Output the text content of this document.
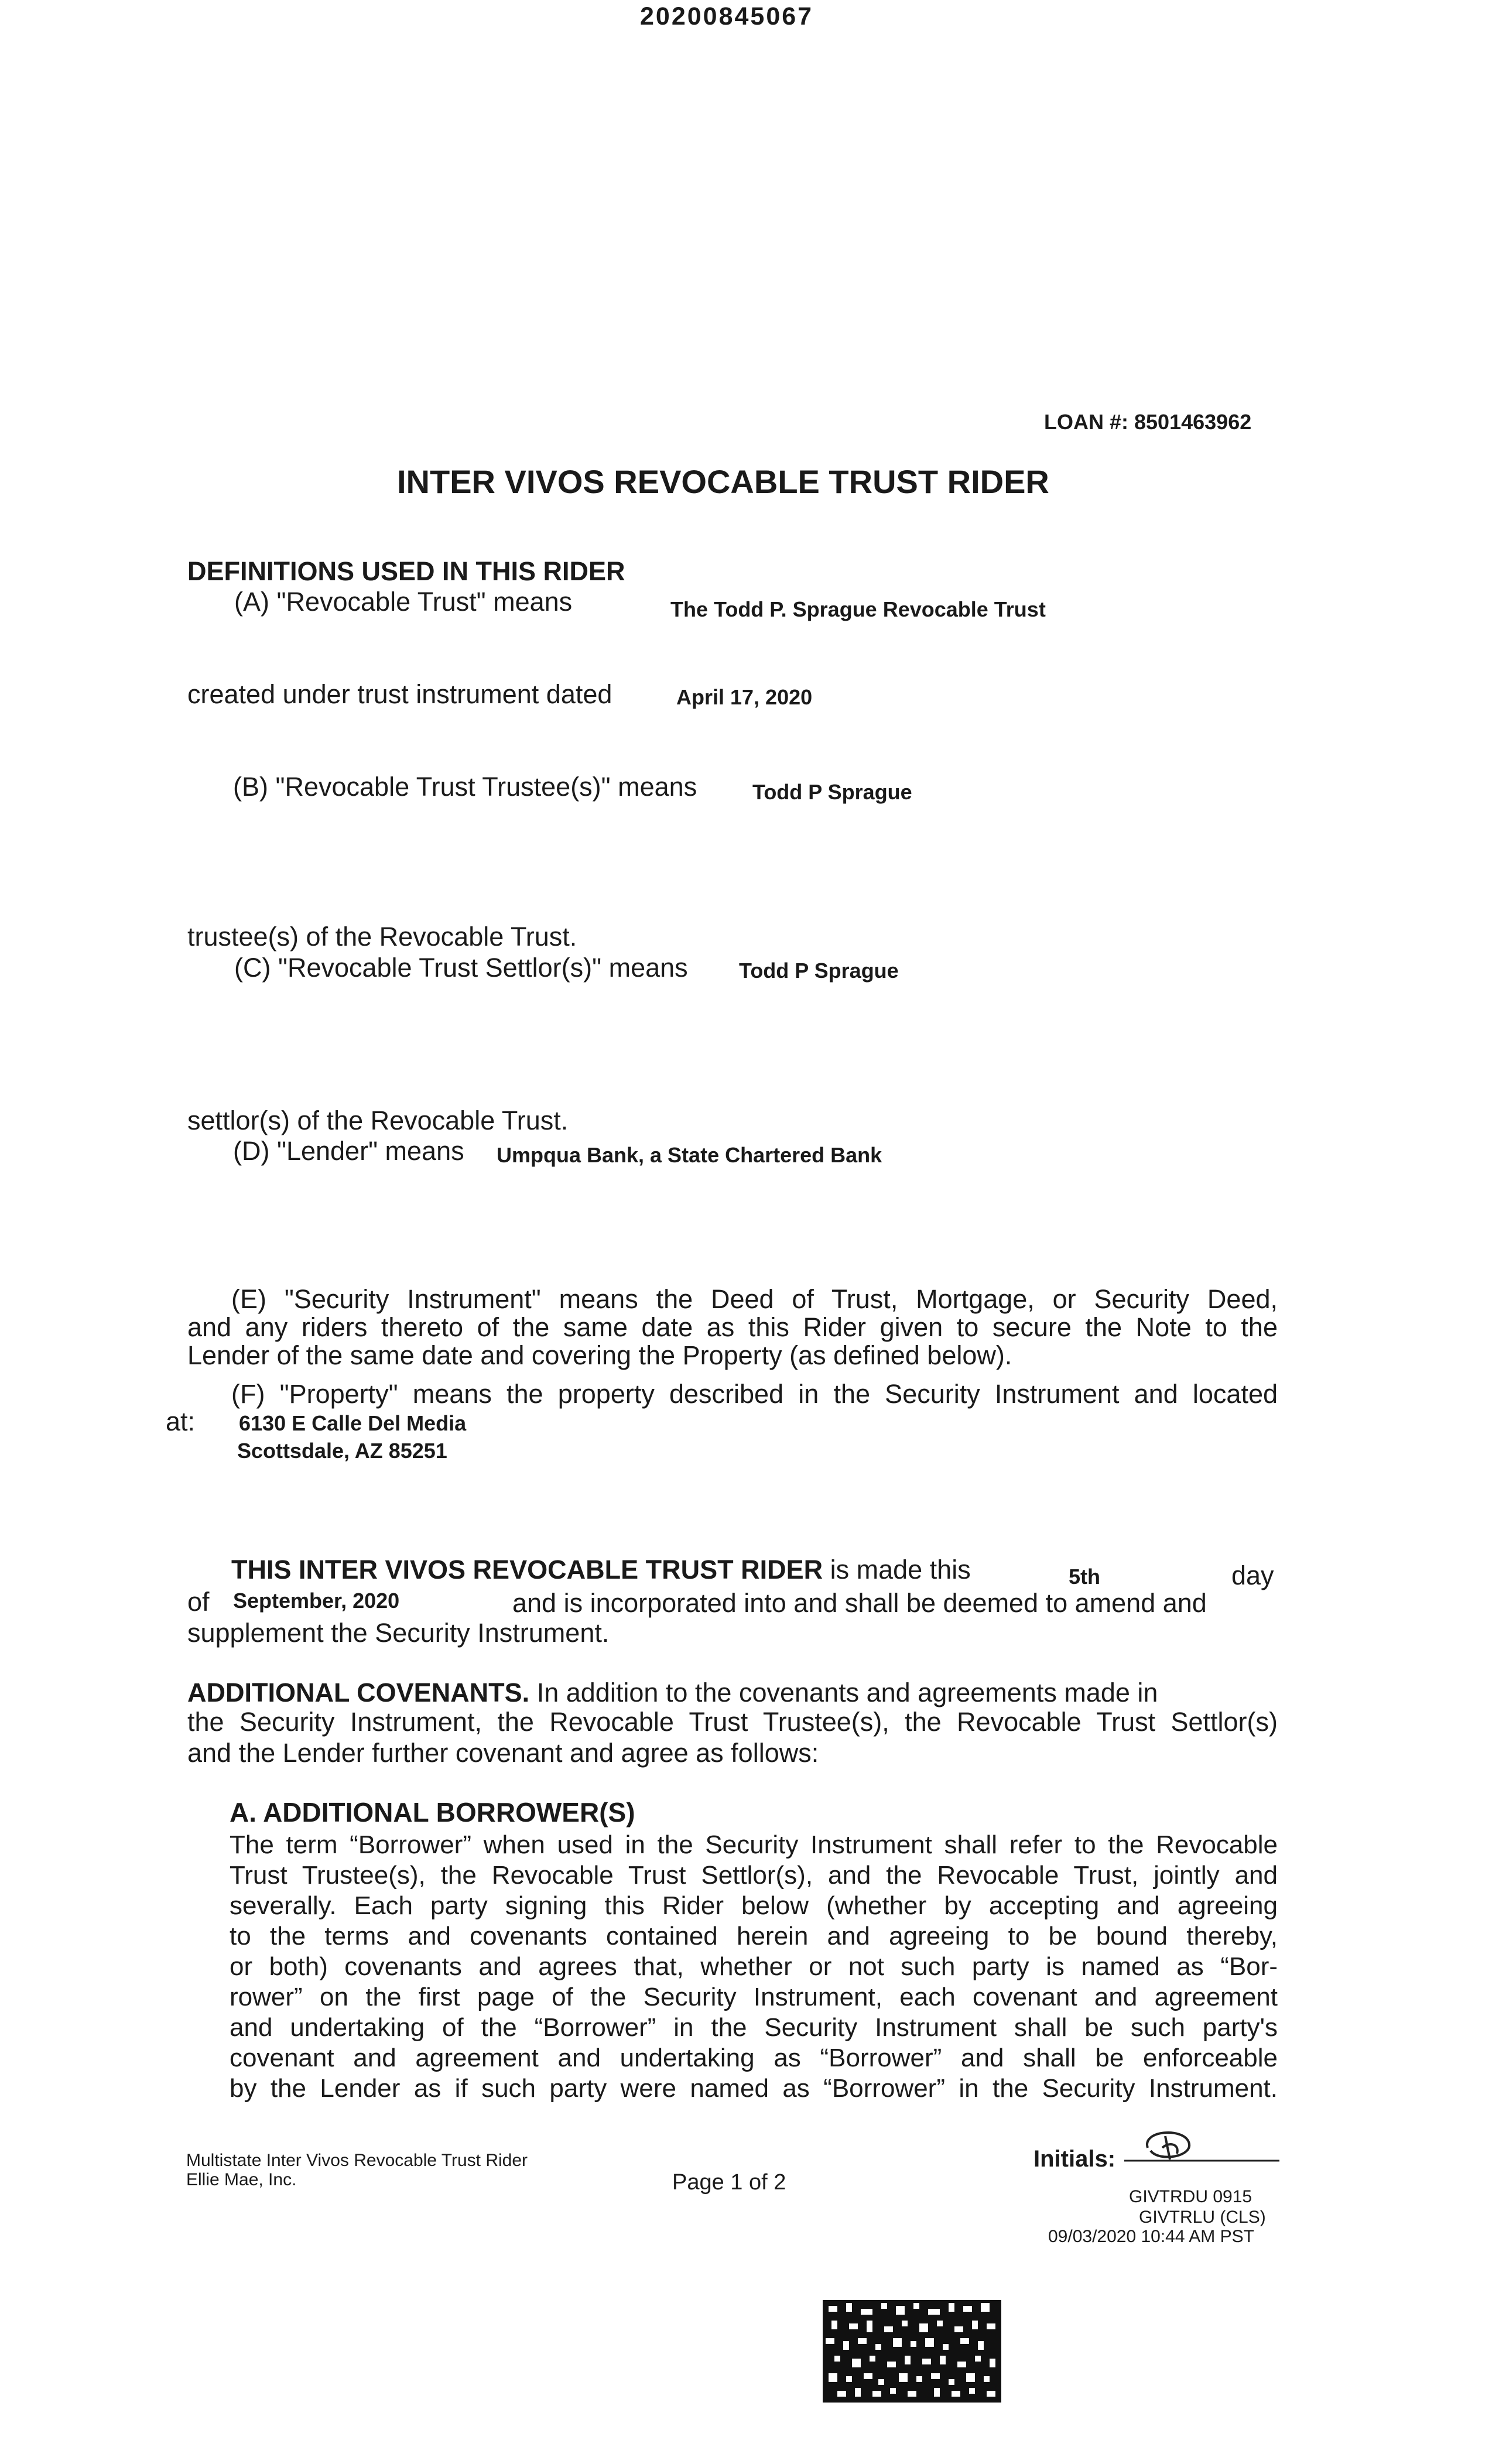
20200845067
LOAN #: 8501463962
INTER VIVOS REVOCABLE TRUST RIDER
DEFINITIONS USED IN THIS RIDER
(A) "Revocable Trust" means	The Todd P. Sprague Revocable Trust
created under trust instrument dated	April 17, 2020
(B) "Revocable Trust Trustee(s)" means	Todd P Sprague
trustee(s) of the Revocable Trust.
(C) "Revocable Trust Settlor(s)" means Todd P Sprague
settlor(s) of the Revocable Trust.
(D) "Lender" means Umpqua Bank, a State Chartered Bank
(E) "Security Instrument" means the Deed of Trust, Mortgage, or Security Deed,
and any riders thereto of the same date as this Rider given to secure the Note to the
Lender of the same date and covering the Property (as defined below).
(F) "Property" means the property described in the Security Instrument and located
at: 6130 E Calle Del Media
Scottsdale, AZ 85251
THIS INTER VIVOS REVOCABLE TRUST RIDER is made this	5th	day
of September, 2020	and is incorporated into and shall be deemed to amend and
supplement the Security Instrument.
ADDITIONAL COVENANTS. In addition to the covenants and agreements made in
the Security Instrument, the Revocable Trust Trustee(s), the Revocable Trust Settlor(s)
and the Lender further covenant and agree as follows:
A. ADDITIONAL BORROWER(S)
The term “Borrower” when used in the Security Instrument shall refer to the Revocable
Trust Trustee(s), the Revocable Trust Settlor(s), and the Revocable Trust, jointly and
severally. Each party signing this Rider below (whether by accepting and agreeing
to the terms and covenants contained herein and agreeing to be bound thereby,
or both) covenants and agrees that, whether or not such party is named as “Bor-
rower” on the first page of the Security Instrument, each covenant and agreement
and undertaking of the “Borrower” in the Security Instrument shall be such party's
covenant and agreement and undertaking as “Borrower” and shall be enforceable
by the Lender as if such party were named as “Borrower” in the Security Instrument.
Multistate Inter Vivos Revocable Trust Rider
Ellie Mae, Inc.	Page 1 of 2
Initials:
GIVTRDU 0915
GIVTRLU (CLS)
09/03/2020 10:44 AM PST
